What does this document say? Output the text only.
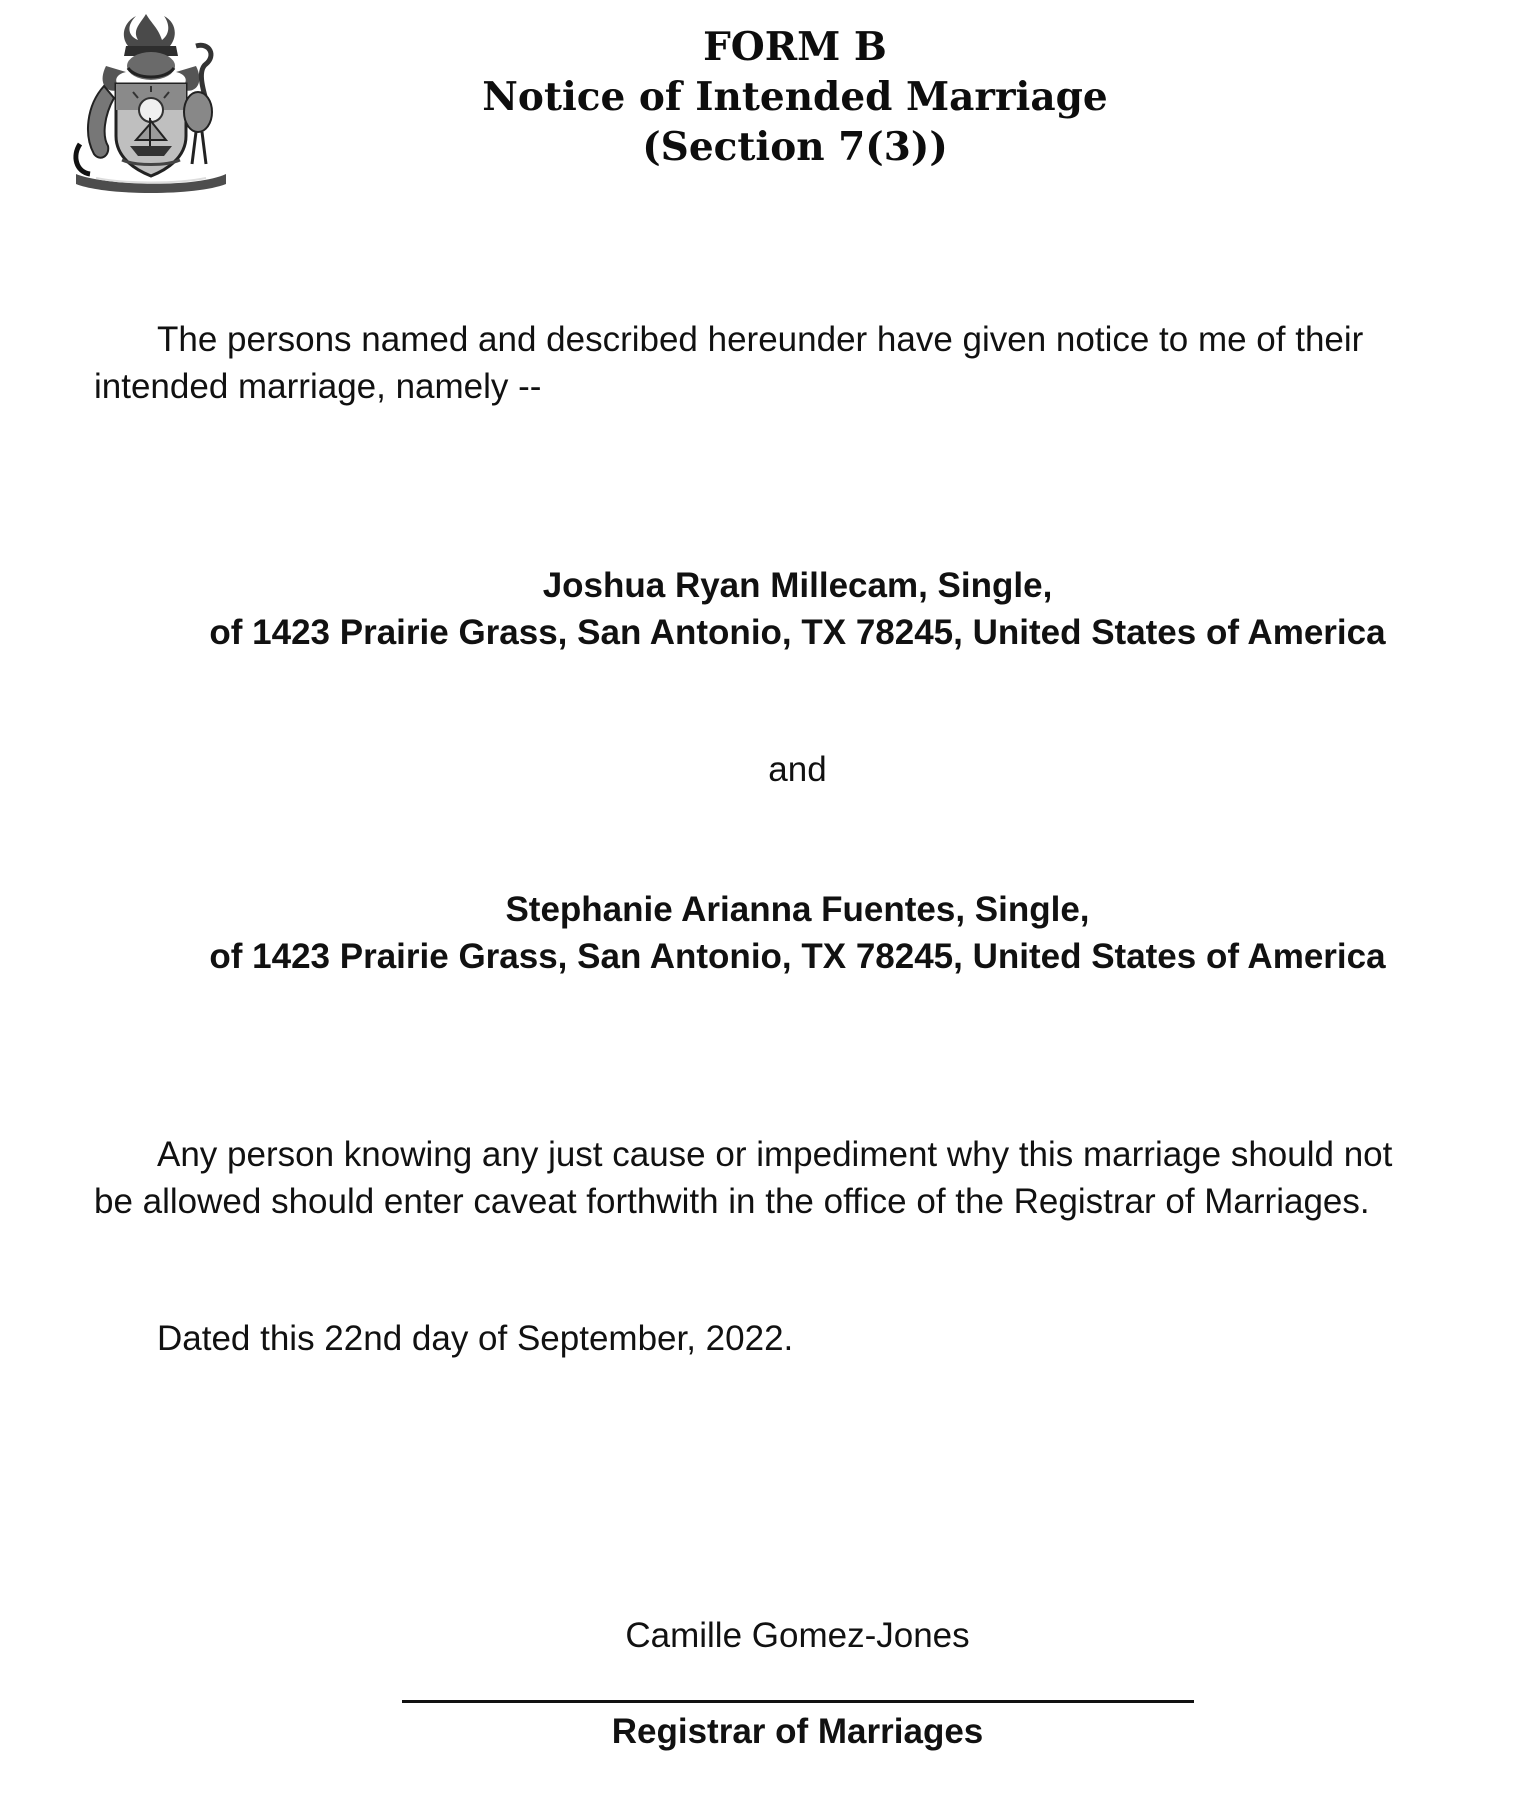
FORM B
Notice of Intended Marriage
(Section 7(3))
The persons named and described hereunder have given notice to me of their
intended marriage, namely --
Joshua Ryan Millecam, Single,
of 1423 Prairie Grass, San Antonio, TX 78245, United States of America
and
Stephanie Arianna Fuentes, Single,
of 1423 Prairie Grass, San Antonio, TX 78245, United States of America
Any person knowing any just cause or impediment why this marriage should not
be allowed should enter caveat forthwith in the office of the Registrar of Marriages.
Dated this 22nd day of September, 2022.
Camille Gomez-Jones
Registrar of Marriages
